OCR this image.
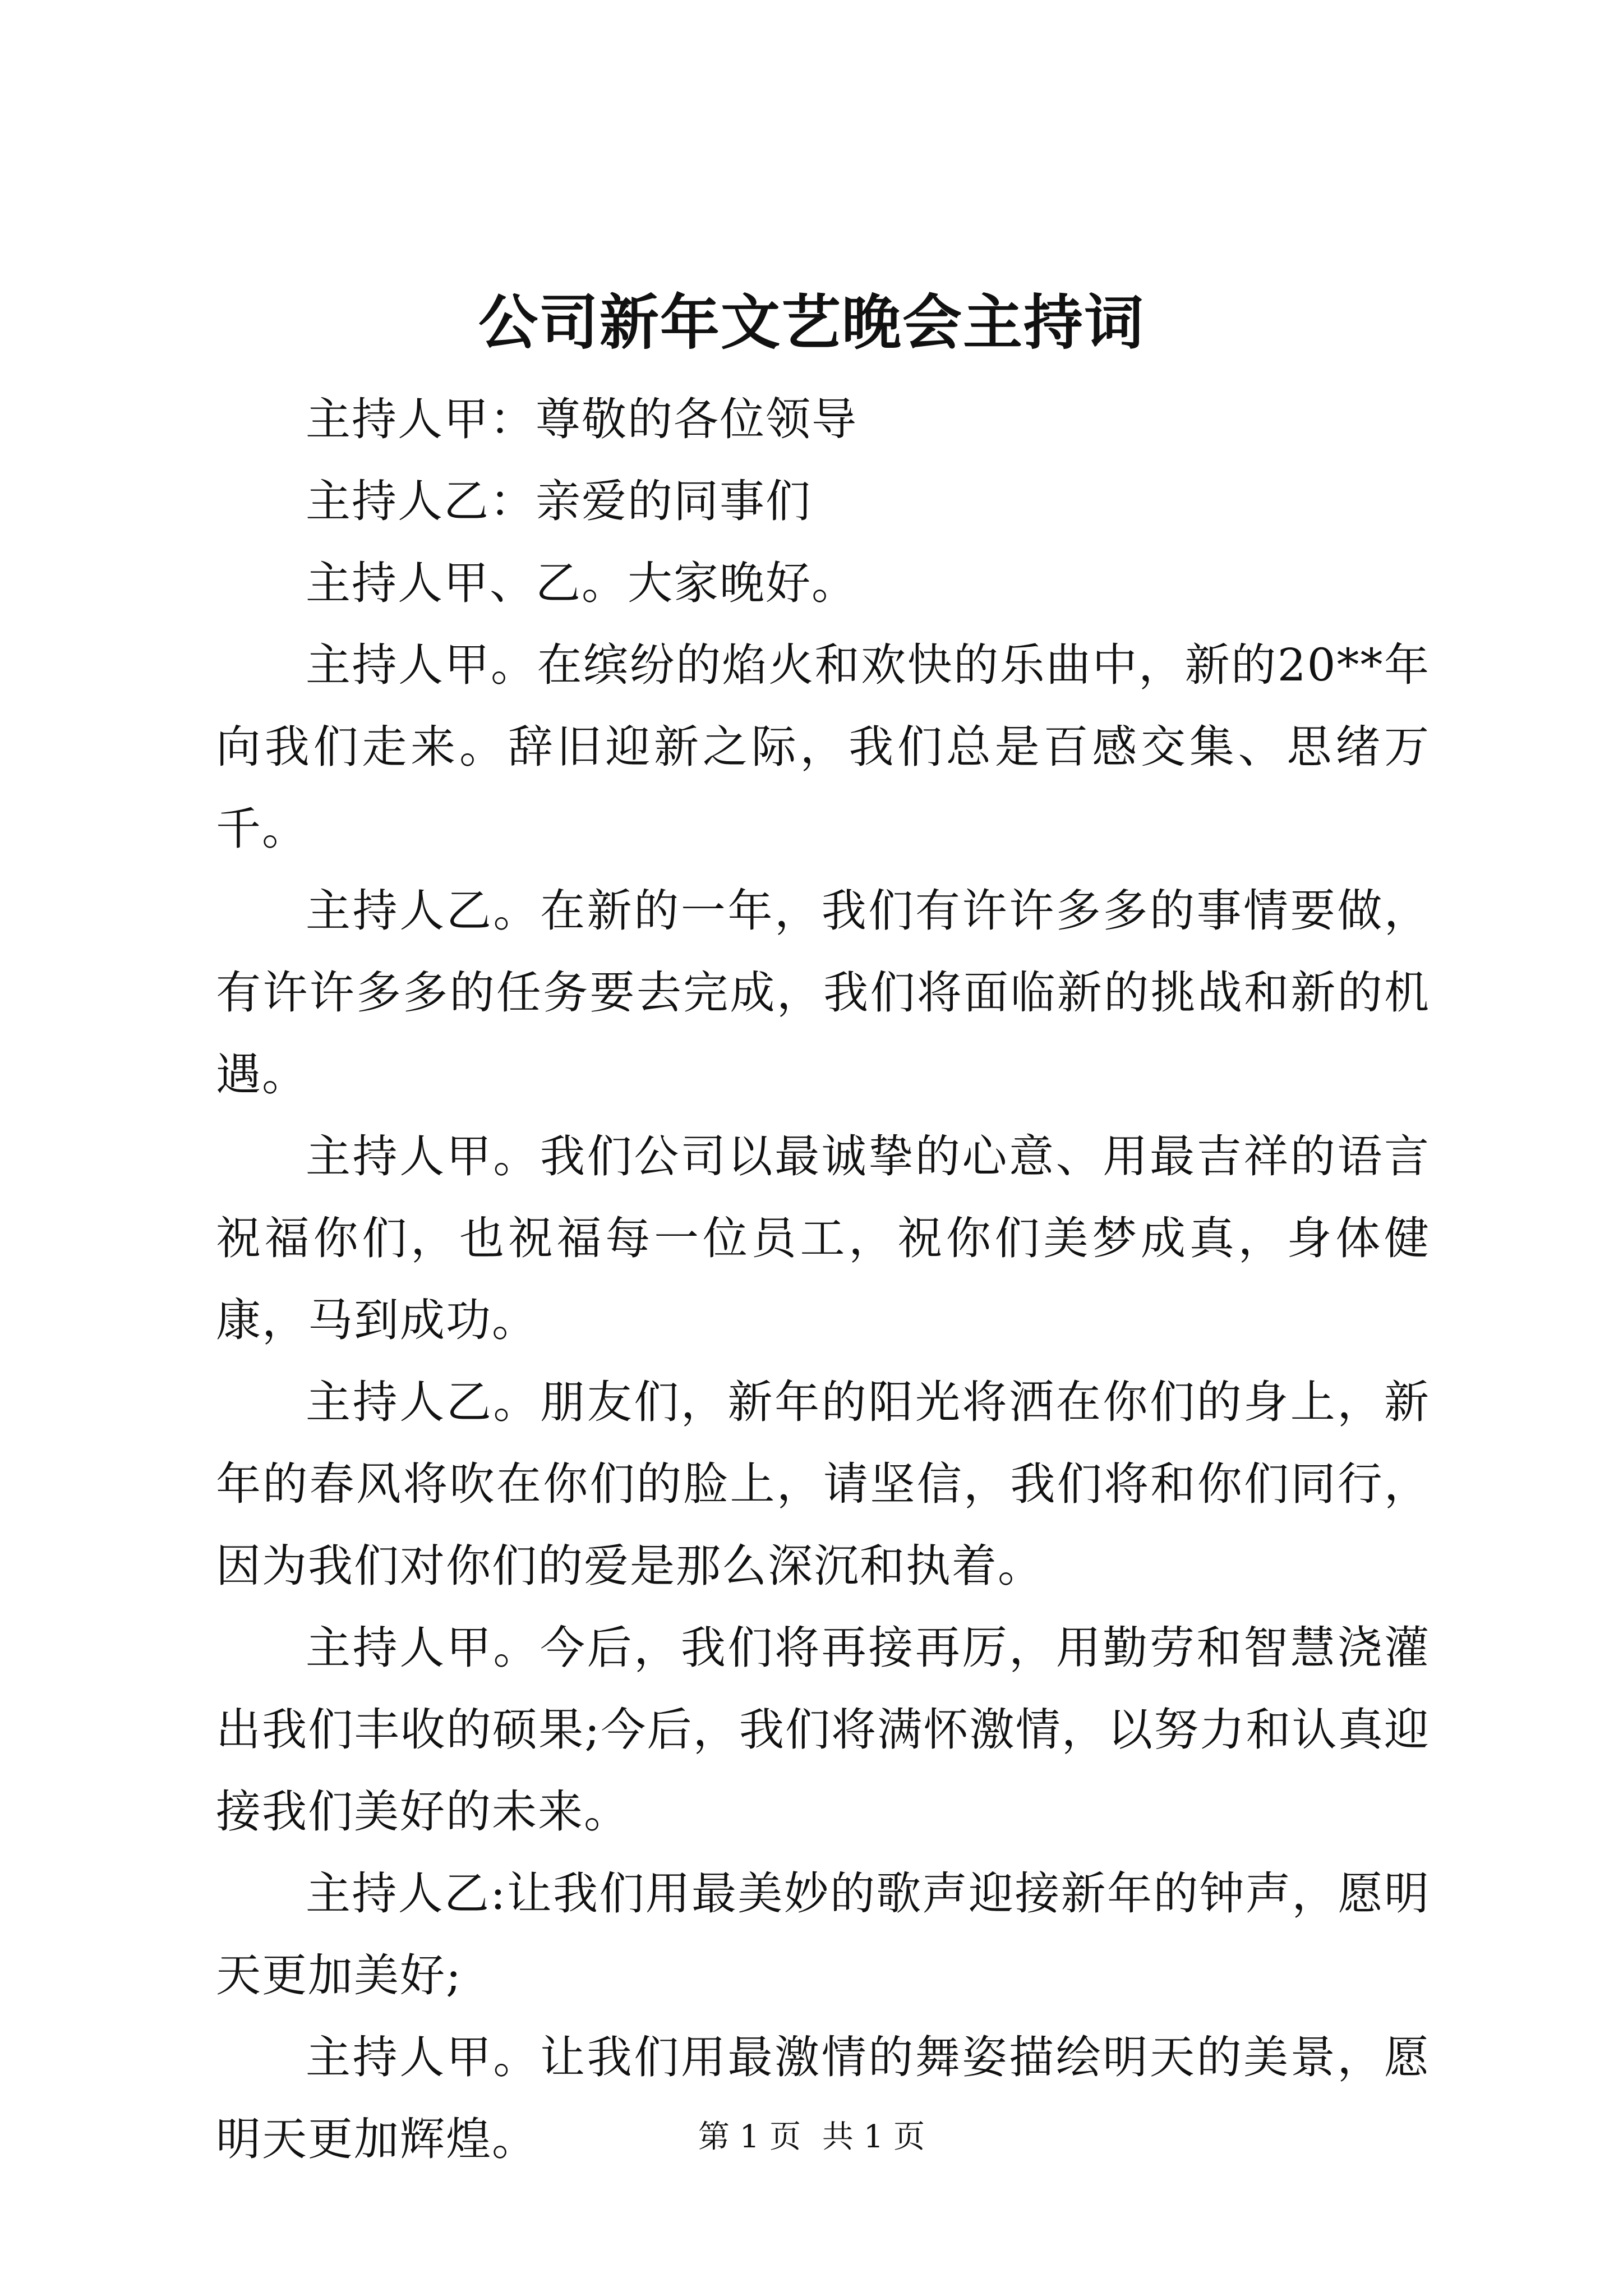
公司新年文艺晚会主持词

主持人甲：尊敬的各位领导

主持人乙：亲爱的同事们

主持人甲、乙。大家晚好。

主持人甲。在缤纷的焰火和欢快的乐曲中，新的20**年向我们走来。辞旧迎新之际，我们总是百感交集、思绪万千。

主持人乙。在新的一年，我们有许许多多的事情要做，有许许多多的任务要去完成，我们将面临新的挑战和新的机遇。

主持人甲。我们公司以最诚挚的心意、用最吉祥的语言祝福你们，也祝福每一位员工，祝你们美梦成真，身体健康，马到成功。

主持人乙。朋友们，新年的阳光将洒在你们的身上，新年的春风将吹在你们的脸上，请坚信，我们将和你们同行，因为我们对你们的爱是那么深沉和执着。

主持人甲。今后，我们将再接再厉，用勤劳和智慧浇灌出我们丰收的硕果;今后，我们将满怀激情，以努力和认真迎接我们美好的未来。

主持人乙:让我们用最美妙的歌声迎接新年的钟声，愿明天更加美好;

主持人甲。让我们用最激情的舞姿描绘明天的美景，愿明天更加辉煌。	第 1 页 共 1 页
